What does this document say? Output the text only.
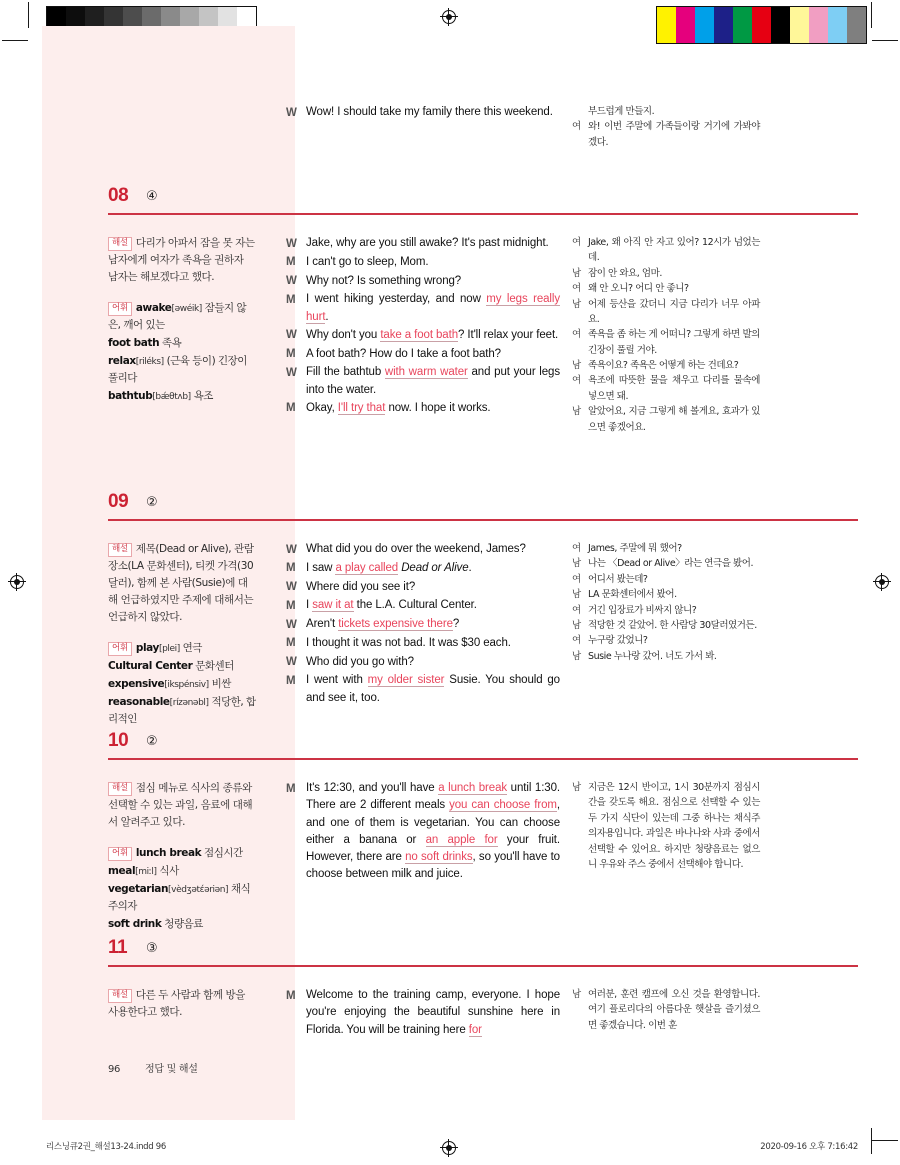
W Wow! I should take my family there this weekend.	부드럽게 만들지.
여 와! 이번 주말에 가족들이랑 거기에 가봐야겠다.
08 ④

해설 다리가 아파서 잠을 못 자는 남자에게 여자가 족욕을 권하자 남자는 해보겠다고 했다.

어휘 awake[əwéik] 잠들지 않은, 깨어 있는
foot bath 족욕
relax[riléks] (근육 등이) 긴장이 풀리다
bathtub[bǽθtʌb] 욕조
W Jake, why are you still awake? It's past midnight.
M I can't go to sleep, Mom.
W Why not? Is something wrong?
M I went hiking yesterday, and now my legs really hurt.
W Why don't you take a foot bath? It'll relax your feet.
M A foot bath? How do I take a foot bath?
W Fill the bathtub with warm water and put your legs into the water.
M Okay, I'll try that now. I hope it works.
여 Jake, 왜 아직 안 자고 있어? 12시가 넘었는데.
남 잠이 안 와요, 엄마.
여 왜 안 오니? 어디 안 좋니?
남 어제 등산을 갔더니 지금 다리가 너무 아파요.
여 족욕을 좀 하는 게 어떠니? 그렇게 하면 발의 긴장이 풀릴 거야.
남 족욕이요? 족욕은 어떻게 하는 건데요?
여 욕조에 따뜻한 물을 채우고 다리를 물속에 넣으면 돼.
남 알았어요, 지금 그렇게 해 볼게요, 효과가 있으면 좋겠어요.
09 ②

해설 제목(Dead or Alive), 관람 장소(LA 문화센터), 티켓 가격(30달러), 함께 본 사람(Susie)에 대해 언급하였지만 주제에 대해서는 언급하지 않았다.

어휘 play[plei] 연극
Cultural Center 문화센터
expensive[ikspénsiv] 비싼
reasonable[rízənəbl] 적당한, 합리적인
W What did you do over the weekend, James?
M I saw a play called Dead or Alive.
W Where did you see it?
M I saw it at the L.A. Cultural Center.
W Aren't tickets expensive there?
M I thought it was not bad. It was $30 each.
W Who did you go with?
M I went with my older sister Susie. You should go and see it, too.
여 James, 주말에 뭐 했어?
남 나는 〈Dead or Alive〉라는 연극을 봤어.
여 어디서 봤는데?
남 LA 문화센터에서 봤어.
여 거긴 입장료가 비싸지 않니?
남 적당한 것 같았어. 한 사람당 30달러였거든.
여 누구랑 갔었니?
남 Susie 누나랑 갔어. 너도 가서 봐.
10 ②

해설 점심 메뉴로 식사의 종류와 선택할 수 있는 과일, 음료에 대해서 알려주고 있다.

어휘 lunch break 점심시간
meal[miːl] 식사
vegetarian[vèdʒətɛ́əriən] 채식주의자
soft drink 청량음료
M It's 12:30, and you'll have a lunch break until 1:30. There are 2 different meals you can choose from, and one of them is vegetarian. You can choose either a banana or an apple for your fruit. However, there are no soft drinks, so you'll have to choose between milk and juice.
남 지금은 12시 반이고, 1시 30분까지 점심시간을 갖도록 해요. 점심으로 선택할 수 있는 두 가지 식단이 있는데 그중 하나는 채식주의자용입니다. 과일은 바나나와 사과 중에서 선택할 수 있어요. 하지만 청량음료는 없으니 우유와 주스 중에서 선택해야 합니다.
11 ③

해설 다른 두 사람과 함께 방을 사용한다고 했다.

M Welcome to the training camp, everyone. I hope you're enjoying the beautiful sunshine here in Florida. You will be training here for
남 여러분, 훈련 캠프에 오신 것을 환영합니다. 여기 플로리다의 아름다운 햇살을 즐기셨으면 좋겠습니다. 이번 훈
96 정답 및 해설
리스닝큐2권_해설13-24.indd 96	2020-09-16 오후 7:16:42
